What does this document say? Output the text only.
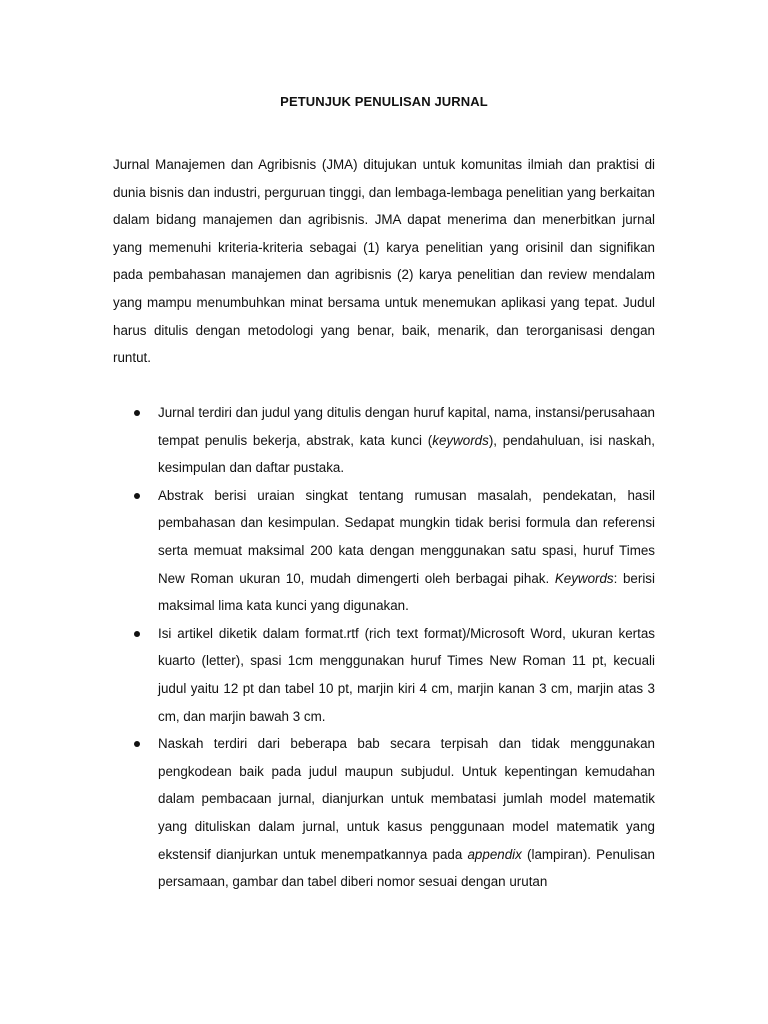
PETUNJUK PENULISAN JURNAL

Jurnal Manajemen dan Agribisnis (JMA) ditujukan untuk komunitas ilmiah dan praktisi di dunia bisnis dan industri, perguruan tinggi, dan lembaga-lembaga penelitian yang berkaitan dalam bidang manajemen dan agribisnis. JMA dapat menerima dan menerbitkan jurnal yang memenuhi kriteria-kriteria sebagai (1) karya penelitian yang orisinil dan signifikan pada pembahasan manajemen dan agribisnis (2) karya penelitian dan review mendalam yang mampu menumbuhkan minat bersama untuk menemukan aplikasi yang tepat. Judul harus ditulis dengan metodologi yang benar, baik, menarik, dan terorganisasi dengan runtut.

Jurnal terdiri dan judul yang ditulis dengan huruf kapital, nama, instansi/perusahaan tempat penulis bekerja, abstrak, kata kunci (keywords), pendahuluan, isi naskah, kesimpulan dan daftar pustaka.
Abstrak berisi uraian singkat tentang rumusan masalah, pendekatan, hasil pembahasan dan kesimpulan. Sedapat mungkin tidak berisi formula dan referensi serta memuat maksimal 200 kata dengan menggunakan satu spasi, huruf Times New Roman ukuran 10, mudah dimengerti oleh berbagai pihak. Keywords: berisi maksimal lima kata kunci yang digunakan.
Isi artikel diketik dalam format.rtf (rich text format)/Microsoft Word, ukuran kertas kuarto (letter), spasi 1cm menggunakan huruf Times New Roman 11 pt, kecuali judul yaitu 12 pt dan tabel 10 pt, marjin kiri 4 cm, marjin kanan 3 cm, marjin atas 3 cm, dan marjin bawah 3 cm.
Naskah terdiri dari beberapa bab secara terpisah dan tidak menggunakan pengkodean baik pada judul maupun subjudul. Untuk kepentingan kemudahan dalam pembacaan jurnal, dianjurkan untuk membatasi jumlah model matematik yang dituliskan dalam jurnal, untuk kasus penggunaan model matematik yang ekstensif dianjurkan untuk menempatkannya pada appendix (lampiran). Penulisan persamaan, gambar dan tabel diberi nomor sesuai dengan urutan
